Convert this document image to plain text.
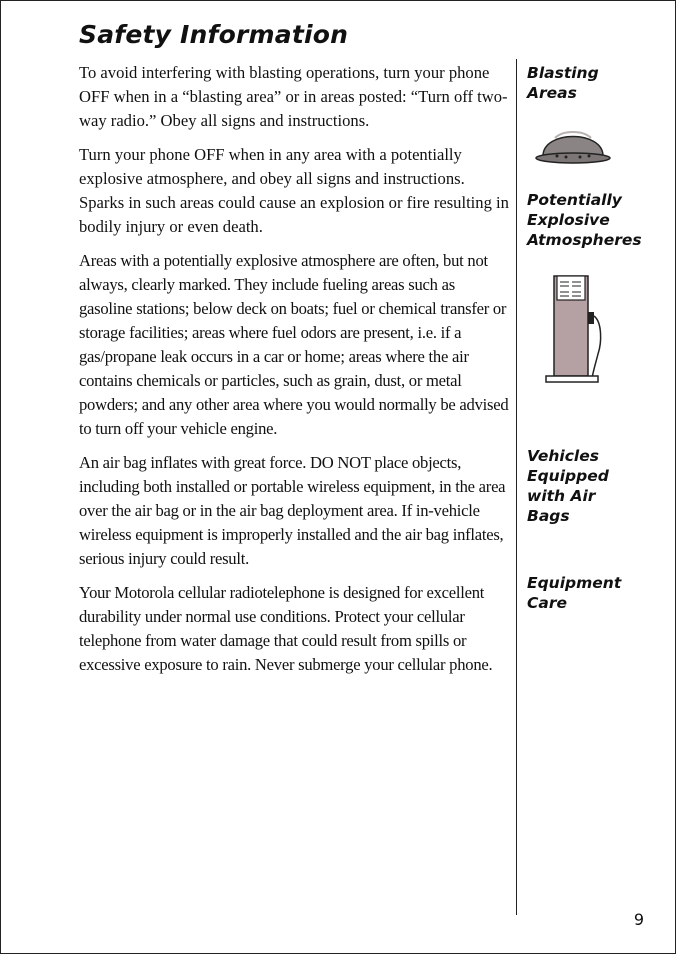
Safety Information

To avoid interfering with blasting operations, turn your phone OFF when in a “blasting area” or in areas posted: “Turn off two-way radio.” Obey all signs and instructions.

Turn your phone OFF when in any area with a potentially explosive atmosphere, and obey all signs and instructions. Sparks in such areas could cause an explosion or fire resulting in bodily injury or even death.

Areas with a potentially explosive atmosphere are often, but not always, clearly marked. They include fueling areas such as gasoline stations; below deck on boats; fuel or chemical transfer or storage facilities; areas where fuel odors are present, i.e. if a gas/propane leak occurs in a car or home; areas where the air contains chemicals or particles, such as grain, dust, or metal powders; and any other area where you would normally be advised to turn off your vehicle engine.

An air bag inflates with great force. DO NOT place objects, including both installed or portable wireless equipment, in the area over the air bag or in the air bag deployment area. If in-vehicle wireless equipment is improperly installed and the air bag inflates, serious injury could result.

Your Motorola cellular radiotelephone is designed for excellent durability under normal use conditions. Protect your cellular telephone from water damage that could result from spills or excessive exposure to rain. Never submerge your cellular phone.

Blasting
Areas
Potentially
Explosive
Atmospheres
Vehicles
Equipped
with Air
Bags
Equipment
Care
9
